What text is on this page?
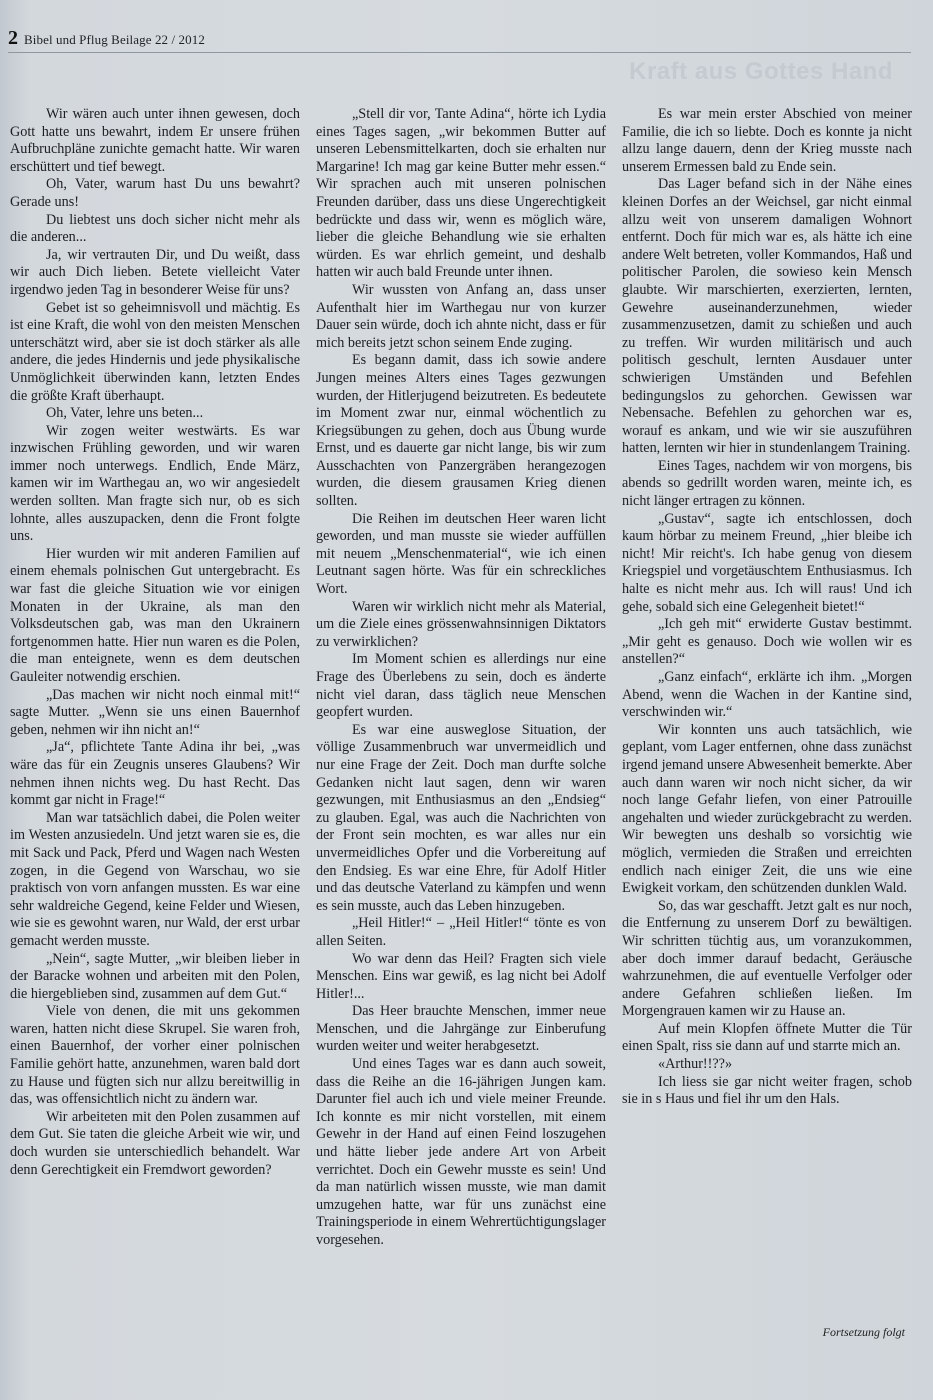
2 Bibel und Pflug Beilage 22 / 2012
Kraft aus Gottes Hand

Wir wären auch unter ihnen gewesen, doch Gott hatte uns bewahrt, indem Er unsere frühen Aufbruchpläne zunichte gemacht hatte. Wir waren erschüttert und tief bewegt.

Oh, Vater, warum hast Du uns bewahrt? Gerade uns!

Du liebtest uns doch sicher nicht mehr als die anderen...

Ja, wir vertrauten Dir, und Du weißt, dass wir auch Dich lieben. Betete vielleicht Vater irgendwo jeden Tag in besonderer Weise für uns?

Gebet ist so geheimnisvoll und mächtig. Es ist eine Kraft, die wohl von den meisten Menschen unterschätzt wird, aber sie ist doch stärker als alle andere, die jedes Hindernis und jede physikalische Unmöglichkeit überwinden kann, letzten Endes die größte Kraft überhaupt.

Oh, Vater, lehre uns beten...

Wir zogen weiter westwärts. Es war inzwischen Frühling geworden, und wir waren immer noch unterwegs. Endlich, Ende März, kamen wir im Warthegau an, wo wir angesiedelt werden sollten. Man fragte sich nur, ob es sich lohnte, alles auszupacken, denn die Front folgte uns.

Hier wurden wir mit anderen Familien auf einem ehemals polnischen Gut untergebracht. Es war fast die gleiche Situation wie vor einigen Monaten in der Ukraine, als man den Volksdeutschen gab, was man den Ukrainern fortgenommen hatte. Hier nun waren es die Polen, die man enteignete, wenn es dem deutschen Gauleiter notwendig erschien.

„Das machen wir nicht noch einmal mit!“ sagte Mutter. „Wenn sie uns einen Bauernhof geben, nehmen wir ihn nicht an!“

„Ja“, pflichtete Tante Adina ihr bei, „was wäre das für ein Zeugnis unseres Glaubens? Wir nehmen ihnen nichts weg. Du hast Recht. Das kommt gar nicht in Frage!“

Man war tatsächlich dabei, die Polen weiter im Westen anzusiedeln. Und jetzt waren sie es, die mit Sack und Pack, Pferd und Wagen nach Westen zogen, in die Gegend von Warschau, wo sie praktisch von vorn anfangen mussten. Es war eine sehr waldreiche Gegend, keine Felder und Wiesen, wie sie es gewohnt waren, nur Wald, der erst urbar gemacht werden musste.

„Nein“, sagte Mutter, „wir bleiben lieber in der Baracke wohnen und arbeiten mit den Polen, die hiergeblieben sind, zusammen auf dem Gut.“

Viele von denen, die mit uns gekommen waren, hatten nicht diese Skrupel. Sie waren froh, einen Bauernhof, der vorher einer polnischen Familie gehört hatte, anzunehmen, waren bald dort zu Hause und fügten sich nur allzu bereitwillig in das, was offensichtlich nicht zu ändern war.

Wir arbeiteten mit den Polen zusammen auf dem Gut. Sie taten die gleiche Arbeit wie wir, und doch wurden sie unterschiedlich behandelt. War denn Gerechtigkeit ein Fremdwort geworden?

„Stell dir vor, Tante Adina“, hörte ich Lydia eines Tages sagen, „wir bekommen Butter auf unseren Lebensmittelkarten, doch sie erhalten nur Margarine! Ich mag gar keine Butter mehr essen.“ Wir sprachen auch mit unseren polnischen Freunden darüber, dass uns diese Ungerechtigkeit bedrückte und dass wir, wenn es möglich wäre, lieber die gleiche Behandlung wie sie erhalten würden. Es war ehrlich gemeint, und deshalb hatten wir auch bald Freunde unter ihnen.

Wir wussten von Anfang an, dass unser Aufenthalt hier im Warthegau nur von kurzer Dauer sein würde, doch ich ahnte nicht, dass er für mich bereits jetzt schon seinem Ende zuging.

Es begann damit, dass ich sowie andere Jungen meines Alters eines Tages gezwungen wurden, der Hitlerjugend beizutreten. Es bedeutete im Moment zwar nur, einmal wöchentlich zu Kriegsübungen zu gehen, doch aus Übung wurde Ernst, und es dauerte gar nicht lange, bis wir zum Ausschachten von Panzergräben herangezogen wurden, die diesem grausamen Krieg dienen sollten.

Die Reihen im deutschen Heer waren licht geworden, und man musste sie wieder auffüllen mit neuem „Menschenmaterial“, wie ich einen Leutnant sagen hörte. Was für ein schreckliches Wort.

Waren wir wirklich nicht mehr als Material, um die Ziele eines grössenwahnsinnigen Diktators zu verwirklichen?

Im Moment schien es allerdings nur eine Frage des Überlebens zu sein, doch es änderte nicht viel daran, dass täglich neue Menschen geopfert wurden.

Es war eine ausweglose Situation, der völlige Zusammenbruch war unvermeidlich und nur eine Frage der Zeit. Doch man durfte solche Gedanken nicht laut sagen, denn wir waren gezwungen, mit Enthusiasmus an den „Endsieg“ zu glauben. Egal, was auch die Nachrichten von der Front sein mochten, es war alles nur ein unvermeidliches Opfer und die Vorbereitung auf den Endsieg. Es war eine Ehre, für Adolf Hitler und das deutsche Vaterland zu kämpfen und wenn es sein musste, auch das Leben hinzugeben.

„Heil Hitler!“ – „Heil Hitler!“ tönte es von allen Seiten.

Wo war denn das Heil? Fragten sich viele Menschen. Eins war gewiß, es lag nicht bei Adolf Hitler!...

Das Heer brauchte Menschen, immer neue Menschen, und die Jahrgänge zur Einberufung wurden weiter und weiter herabgesetzt.

Und eines Tages war es dann auch soweit, dass die Reihe an die 16-jährigen Jungen kam. Darunter fiel auch ich und viele meiner Freunde. Ich konnte es mir nicht vorstellen, mit einem Gewehr in der Hand auf einen Feind loszugehen und hätte lieber jede andere Art von Arbeit verrichtet. Doch ein Gewehr musste es sein! Und da man natürlich wissen musste, wie man damit umzugehen hatte, war für uns zunächst eine Trainingsperiode in einem Wehrertüchtigungslager vorgesehen.

Es war mein erster Abschied von meiner Familie, die ich so liebte. Doch es konnte ja nicht allzu lange dauern, denn der Krieg musste nach unserem Ermessen bald zu Ende sein.

Das Lager befand sich in der Nähe eines kleinen Dorfes an der Weichsel, gar nicht einmal allzu weit von unserem damaligen Wohnort entfernt. Doch für mich war es, als hätte ich eine andere Welt betreten, voller Kommandos, Haß und politischer Parolen, die sowieso kein Mensch glaubte. Wir marschierten, exerzierten, lernten, Gewehre auseinanderzunehmen, wieder zusammenzusetzen, damit zu schießen und auch zu treffen. Wir wurden militärisch und auch politisch geschult, lernten Ausdauer unter schwierigen Umständen und Befehlen bedingungslos zu gehorchen. Gewissen war Nebensache. Befehlen zu gehorchen war es, worauf es ankam, und wie wir sie auszuführen hatten, lernten wir hier in stundenlangem Training.

Eines Tages, nachdem wir von morgens, bis abends so gedrillt worden waren, meinte ich, es nicht länger ertragen zu können.

„Gustav“, sagte ich entschlossen, doch kaum hörbar zu meinem Freund, „hier bleibe ich nicht! Mir reicht's. Ich habe genug von diesem Kriegspiel und vorgetäuschtem Enthusiasmus. Ich halte es nicht mehr aus. Ich will raus! Und ich gehe, sobald sich eine Gelegenheit bietet!“

„Ich geh mit“ erwiderte Gustav bestimmt. „Mir geht es genauso. Doch wie wollen wir es anstellen?“

„Ganz einfach“, erklärte ich ihm. „Morgen Abend, wenn die Wachen in der Kantine sind, verschwinden wir.“

Wir konnten uns auch tatsächlich, wie geplant, vom Lager entfernen, ohne dass zunächst irgend jemand unsere Abwesenheit bemerkte. Aber auch dann waren wir noch nicht sicher, da wir noch lange Gefahr liefen, von einer Patrouille angehalten und wieder zurückgebracht zu werden. Wir bewegten uns deshalb so vorsichtig wie möglich, vermieden die Straßen und erreichten endlich nach einiger Zeit, die uns wie eine Ewigkeit vorkam, den schützenden dunklen Wald.

So, das war geschafft. Jetzt galt es nur noch, die Entfernung zu unserem Dorf zu bewältigen. Wir schritten tüchtig aus, um voranzukommen, aber doch immer darauf bedacht, Geräusche wahrzunehmen, die auf eventuelle Verfolger oder andere Gefahren schließen ließen. Im Morgengrauen kamen wir zu Hause an.

Auf mein Klopfen öffnete Mutter die Tür einen Spalt, riss sie dann auf und starrte mich an.

«Arthur!!??»

Ich liess sie gar nicht weiter fragen, schob sie in s Haus und fiel ihr um den Hals.

Fortsetzung folgt
